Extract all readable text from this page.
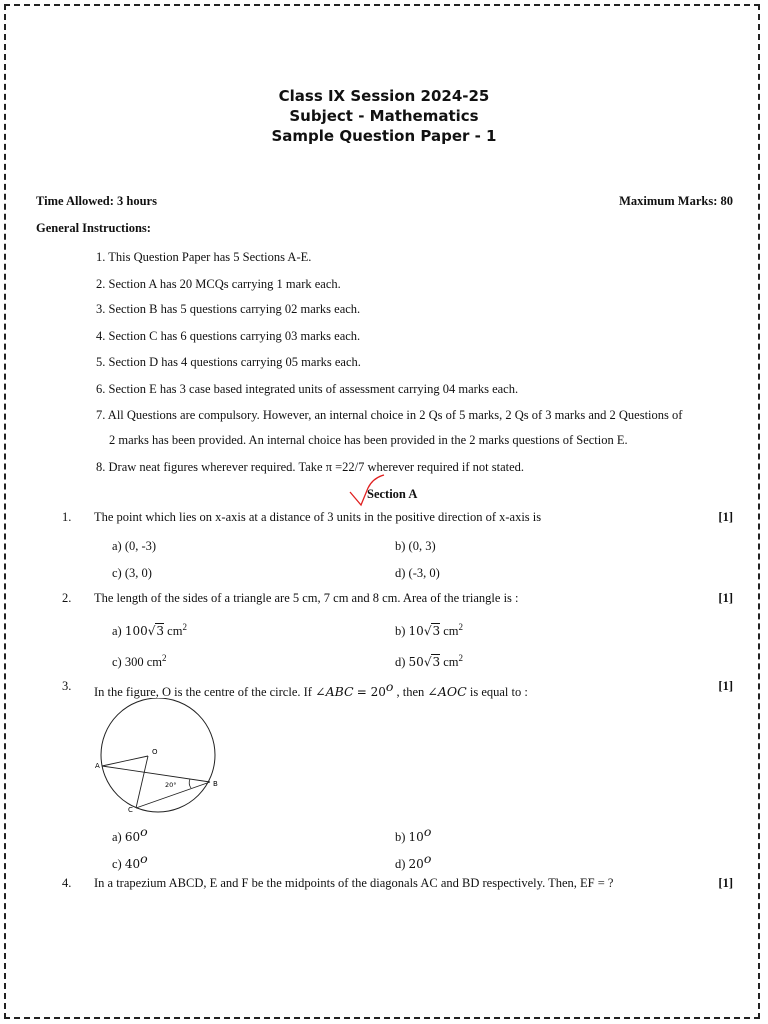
Class IX Session 2024-25
Subject - Mathematics
Sample Question Paper - 1
Time Allowed: 3 hours	Maximum Marks: 80
General Instructions:
1. This Question Paper has 5 Sections A-E.
2. Section A has 20 MCQs carrying 1 mark each.
3. Section B has 5 questions carrying 02 marks each.
4. Section C has 6 questions carrying 03 marks each.
5. Section D has 4 questions carrying 05 marks each.
6. Section E has 3 case based integrated units of assessment carrying 04 marks each.
7. All Questions are compulsory. However, an internal choice in 2 Qs of 5 marks, 2 Qs of 3 marks and 2 Questions of
2 marks has been provided. An internal choice has been provided in the 2 marks questions of Section E.
8. Draw neat figures wherever required. Take π =22/7 wherever required if not stated.
Section A
1. The point which lies on x-axis at a distance of 3 units in the positive direction of x-axis is	[1]
a) (0, -3)	b) (0, 3)
c) (3, 0)	d) (-3, 0)
2. The length of the sides of a triangle are 5 cm, 7 cm and 8 cm. Area of the triangle is :	[1]
a) 100√3 $cm^2$	b) 10√3 $cm^2$
c) 300 $cm^2$	d) 50√3 $cm^2$
3. In the figure, O is the centre of the circle. If ∠ABC = $20^o$ , then ∠AOC is equal to :	[1]
O
A
B
C
20°
a) 60$^o$	b) 10$^o$
c) 40$^o$	d) 20$^o$
4. In a trapezium ABCD, E and F be the midpoints of the diagonals AC and BD respectively. Then, EF = ?	[1]
